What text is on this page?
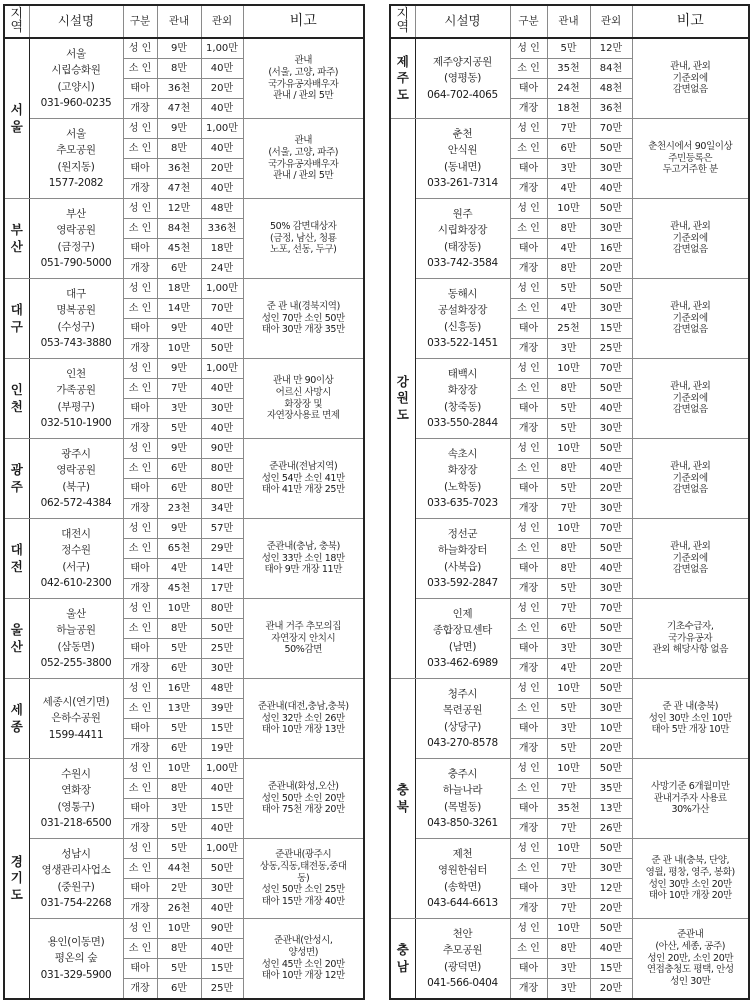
지역	시설명	구분	관내	관외	비고

서
울	서울
시립승화원
(고양시)
031-960-0235	성 인	9만	1,00만	관내
(서울, 고양, 파주)
국가유공자배우자
관내 / 관외 5만

		소 인	8만	40만	
		태아	36천	20만	
		개장	47천	40만	

	서울
추모공원
(원지동)
1577-2082	성 인	9만	1,00만	관내
(서울, 고양, 파주)
국가유공자배우자
관내 / 관외 5만

		소 인	8만	40만	
		태아	36천	20만	
		개장	47천	40만	

부
산	부산
영락공원
(금정구)
051-790-5000	성 인	12만	48만	50% 감면대상자
(금정, 남산, 청룡
노포, 선동, 두구)

		소 인	84천	336천	
		태아	45천	18만	
		개장	6만	24만	

대
구	대구
명복공원
(수성구)
053-743-3880	성 인	18만	1,00만	준 관 내(경북지역)
성인 70만 소인 50만
태아 30만 개장 35만

		소 인	14만	70만	
		태아	9만	40만	
		개장	10만	50만	

인
천	인천
가족공원
(부평구)
032-510-1900	성 인	9만	1,00만	관내 만 90이상
어르신 사망시
화장장 및
자연장사용료 면제

		소 인	7만	40만	
		태아	3만	30만	
		개장	5만	40만	

광
주	광주시
영락공원
(북구)
062-572-4384	성 인	9만	90만	준관내(전남지역)
성인 54만 소인 41만
태아 41만 개장 25만

		소 인	6만	80만	
		태아	6만	80만	
		개장	23천	34만	

대
전	대전시
정수원
(서구)
042-610-2300	성 인	9만	57만	준관내(충남, 충북)
성인 33만 소인 18만
태아 9만 개장 11만

		소 인	65천	29만	
		태아	4만	14만	
		개장	45천	17만	

울
산	울산
하늘공원
(삼동면)
052-255-3800	성 인	10만	80만	관내 거주 추모의집
자연장지 안치시
50%감면

		소 인	8만	50만	
		태아	5만	25만	
		개장	6만	30만	

세
종	세종시(연기면)
은하수공원
1599-4411	성 인	16만	48만	준관내(대전,충남,충북)
성인 32만 소인 26만
태아 10만 개장 13만

		소 인	13만	39만	
		태아	5만	15만	
		개장	6만	19만	

경
기
도	수원시
연화장
(영통구)
031-218-6500	성 인	10만	1,00만	준관내(화성,오산)
성인 50만 소인 20만
태아 75천 개장 20만

		소 인	8만	40만	
		태아	3만	15만	
		개장	5만	40만	

	성남시
영생관리사업소
(중원구)
031-754-2268	성 인	5만	1,00만	준관내(광주시
상동,직동,태전동,중대
동)
성인 50만 소인 25만
태아 15만 개장 40만

		소 인	44천	50만	
		태아	2만	30만	
		개장	26천	40만	

	용인(이동면)
평온의 숲
031-329-5900	성 인	10만	90만	준관내(안성시,
양성면)
성인 45만 소인 20만
태아 10만 개장 12만

		소 인	8만	40만	
		태아	5만	15만	
		개장	6만	25만	
지역	시설명	구분	관내	관외	비고

제
주
도	제주양지공원
(영평동)
064-702-4065	성 인	5만	12만	관내, 관외
기준외에
감면없음

		소 인	35천	84천	
		태아	24천	48천	
		개장	18천	36천	

강
원
도	춘천
안식원
(동내면)
033-261-7314	성 인	7만	70만	춘천시에서 90일이상
주민등록은
두고거주한 분

		소 인	6만	50만	
		태아	3만	30만	
		개장	4만	40만	

	원주
시립화장장
(태장동)
033-742-3584	성 인	10만	50만	관내, 관외
기준외에
감면없음

		소 인	8만	30만	
		태아	4만	16만	
		개장	8만	20만	

	동해시
공설화장장
(신흥동)
033-522-1451	성 인	5만	50만	관내, 관외
기준외에
감면없음

		소 인	4만	30만	
		태아	25천	15만	
		개장	3만	25만	

	태백시
화장장
(창죽동)
033-550-2844	성 인	10만	70만	관내, 관외
기준외에
감면없음

		소 인	8만	50만	
		태아	5만	40만	
		개장	5만	30만	

	속초시
화장장
(노학동)
033-635-7023	성 인	10만	50만	관내, 관외
기준외에
감면없음

		소 인	8만	40만	
		태아	5만	20만	
		개장	7만	30만	

	정선군
하늘화장터
(사북읍)
033-592-2847	성 인	10만	70만	관내, 관외
기준외에
감면없음

		소 인	8만	50만	
		태아	8만	40만	
		개장	5만	30만	

	인제
종합장묘센타
(남면)
033-462-6989	성 인	7만	70만	기초수급자,
국가유공자
관외 해당사항 없음

		소 인	6만	50만	
		태아	3만	30만	
		개장	4만	20만	

충
북	청주시
목련공원
(상당구)
043-270-8578	성 인	10만	50만	준 관 내(충북)
성인 30만 소인 10만
태아 5만 개장 10만

		소 인	5만	30만	
		태아	3만	10만	
		개장	5만	20만	

	충주시
하늘나라
(목벌동)
043-850-3261	성 인	10만	50만	사망기준 6개월미만
관내거주자 사용료
30%가산

		소 인	7만	35만	
		태아	35천	13만	
		개장	7만	26만	

	제천
영원한쉼터
(송학면)
043-644-6613	성 인	10만	50만	준 관 내(충북, 단양,
영월, 평창, 영주, 봉화)
성인 30만 소인 20만
태아 10만 개장 20만

		소 인	7만	30만	
		태아	3만	12만	
		개장	7만	20만	

충
남	천안
추모공원
(광덕면)
041-566-0404	성 인	10만	50만	준관내
(아산, 세종, 공주)
성인 20만, 소인 20만
연접충청도 평택, 안성
성인 30만

		소 인	8만	40만	
		태아	3만	15만	
		개장	3만	20만	
